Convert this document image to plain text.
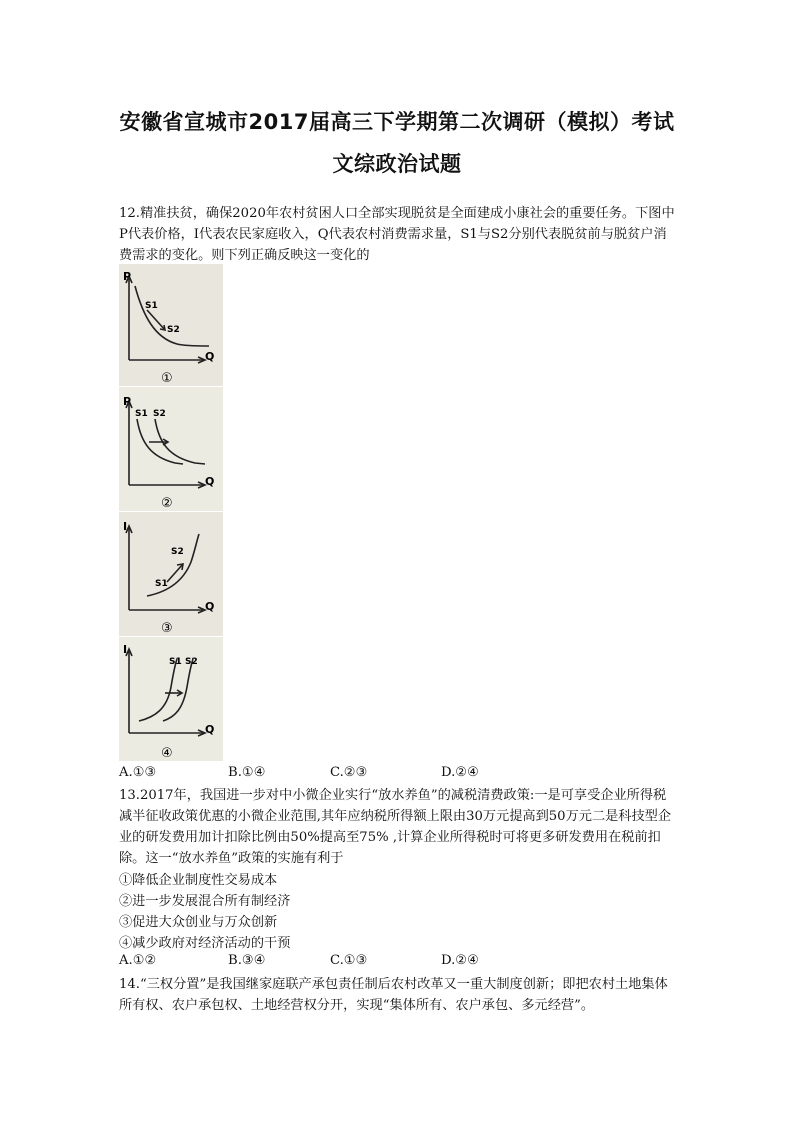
安徽省宣城市2017届高三下学期第二次调研（模拟）考试
文综政治试题
12.精准扶贫，确保2020年农村贫困人口全部实现脱贫是全面建成小康社会的重要任务。下图中P代表价格，I代表农民家庭收入，Q代表农村消费需求量，S1与S2分别代表脱贫前与脱贫户消费需求的变化。则下列正确反映这一变化的
P
Q
S1
S2
①
P
Q
S1 S2
②
I
Q
S1
S2
③
I
Q
S1 S2
④
A.①③	B.①④	C.②③	D.②④
13.2017年，我国进一步对中小微企业实行“放水养鱼”的减税清费政策:一是可享受企业所得税减半征收政策优惠的小微企业范围,其年应纳税所得额上限由30万元提高到50万元二是科技型企业的研发费用加计扣除比例由50%提高至75% ,计算企业所得税时可将更多研发费用在税前扣除。这一“放水养鱼”政策的实施有利于
①降低企业制度性交易成本
②进一步发展混合所有制经济
③促进大众创业与万众创新
④减少政府对经济活动的干预
A.①②	B.③④	C.①③	D.②④
14.“三权分置”是我国继家庭联产承包责任制后农村改革又一重大制度创新；即把农村土地集体所有权、农户承包权、土地经营权分开，实现“集体所有、农户承包、多元经营”。
